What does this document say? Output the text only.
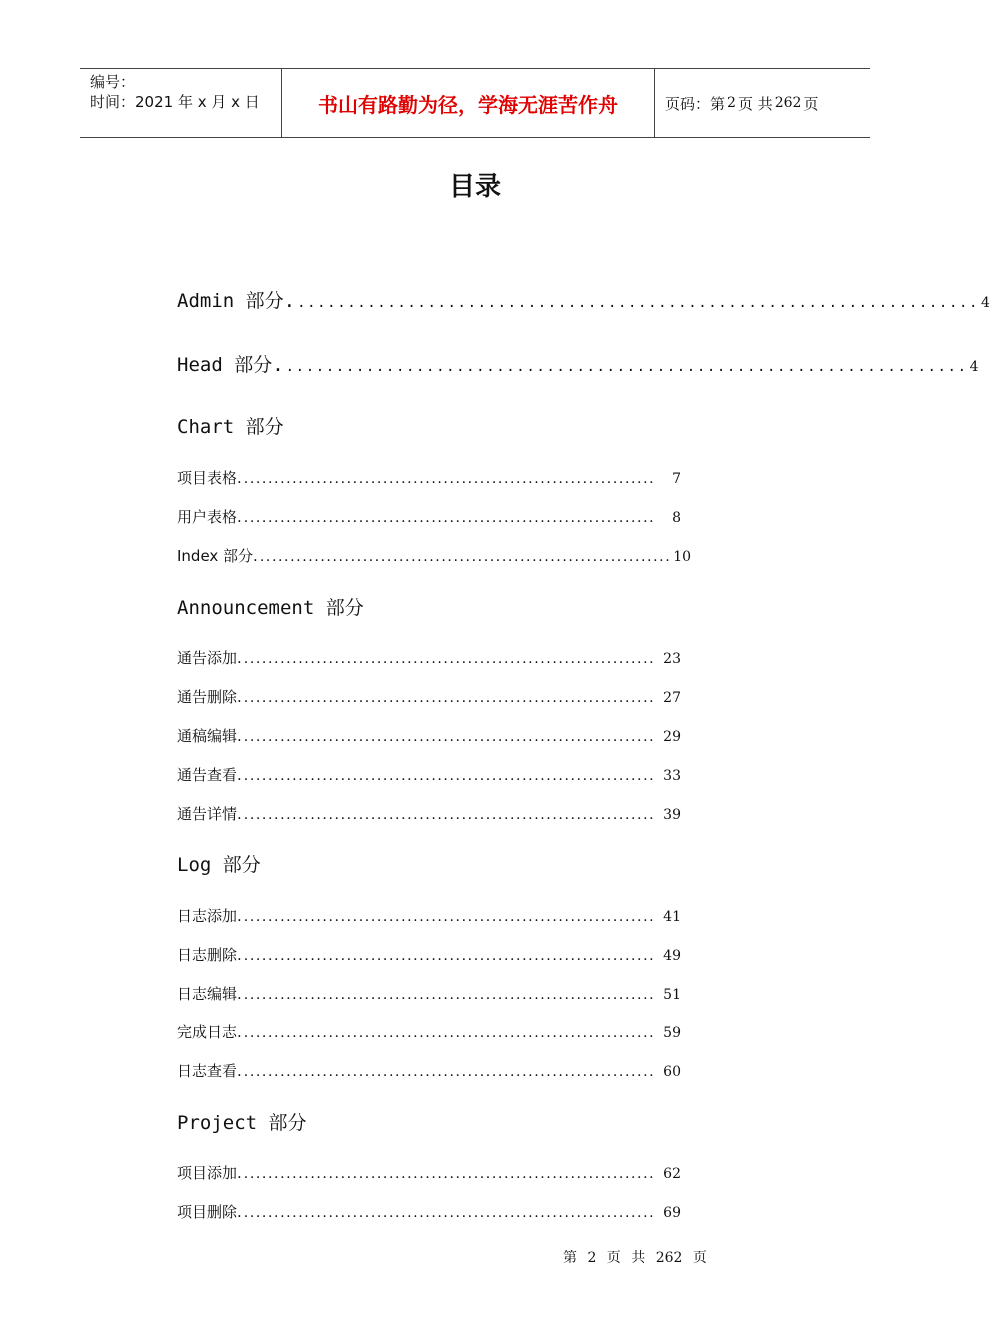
编号：
时间：2021 年 x 月 x 日	书山有路勤为径，学海无涯苦作舟	页码：第 2 页 共 262 页
目录
Admin 部分. .................................................................... 4
Head 部分. .................................................................... 4
Chart 部分
项目表格. ....................................................................	7
用户表格. ....................................................................	8
Index 部分. .................................................................... 10
Announcement 部分
通告添加. .................................................................... 23
通告删除. .................................................................... 27
通稿编辑. .................................................................... 29
通告查看. .................................................................... 33
通告详情. .................................................................... 39
Log 部分
日志添加. .................................................................... 41
日志删除. .................................................................... 49
日志编辑. .................................................................... 51
完成日志. .................................................................... 59
日志查看. .................................................................... 60
Project 部分
项目添加. .................................................................... 62
项目删除. .................................................................... 69
第 2 页 共 262 页
